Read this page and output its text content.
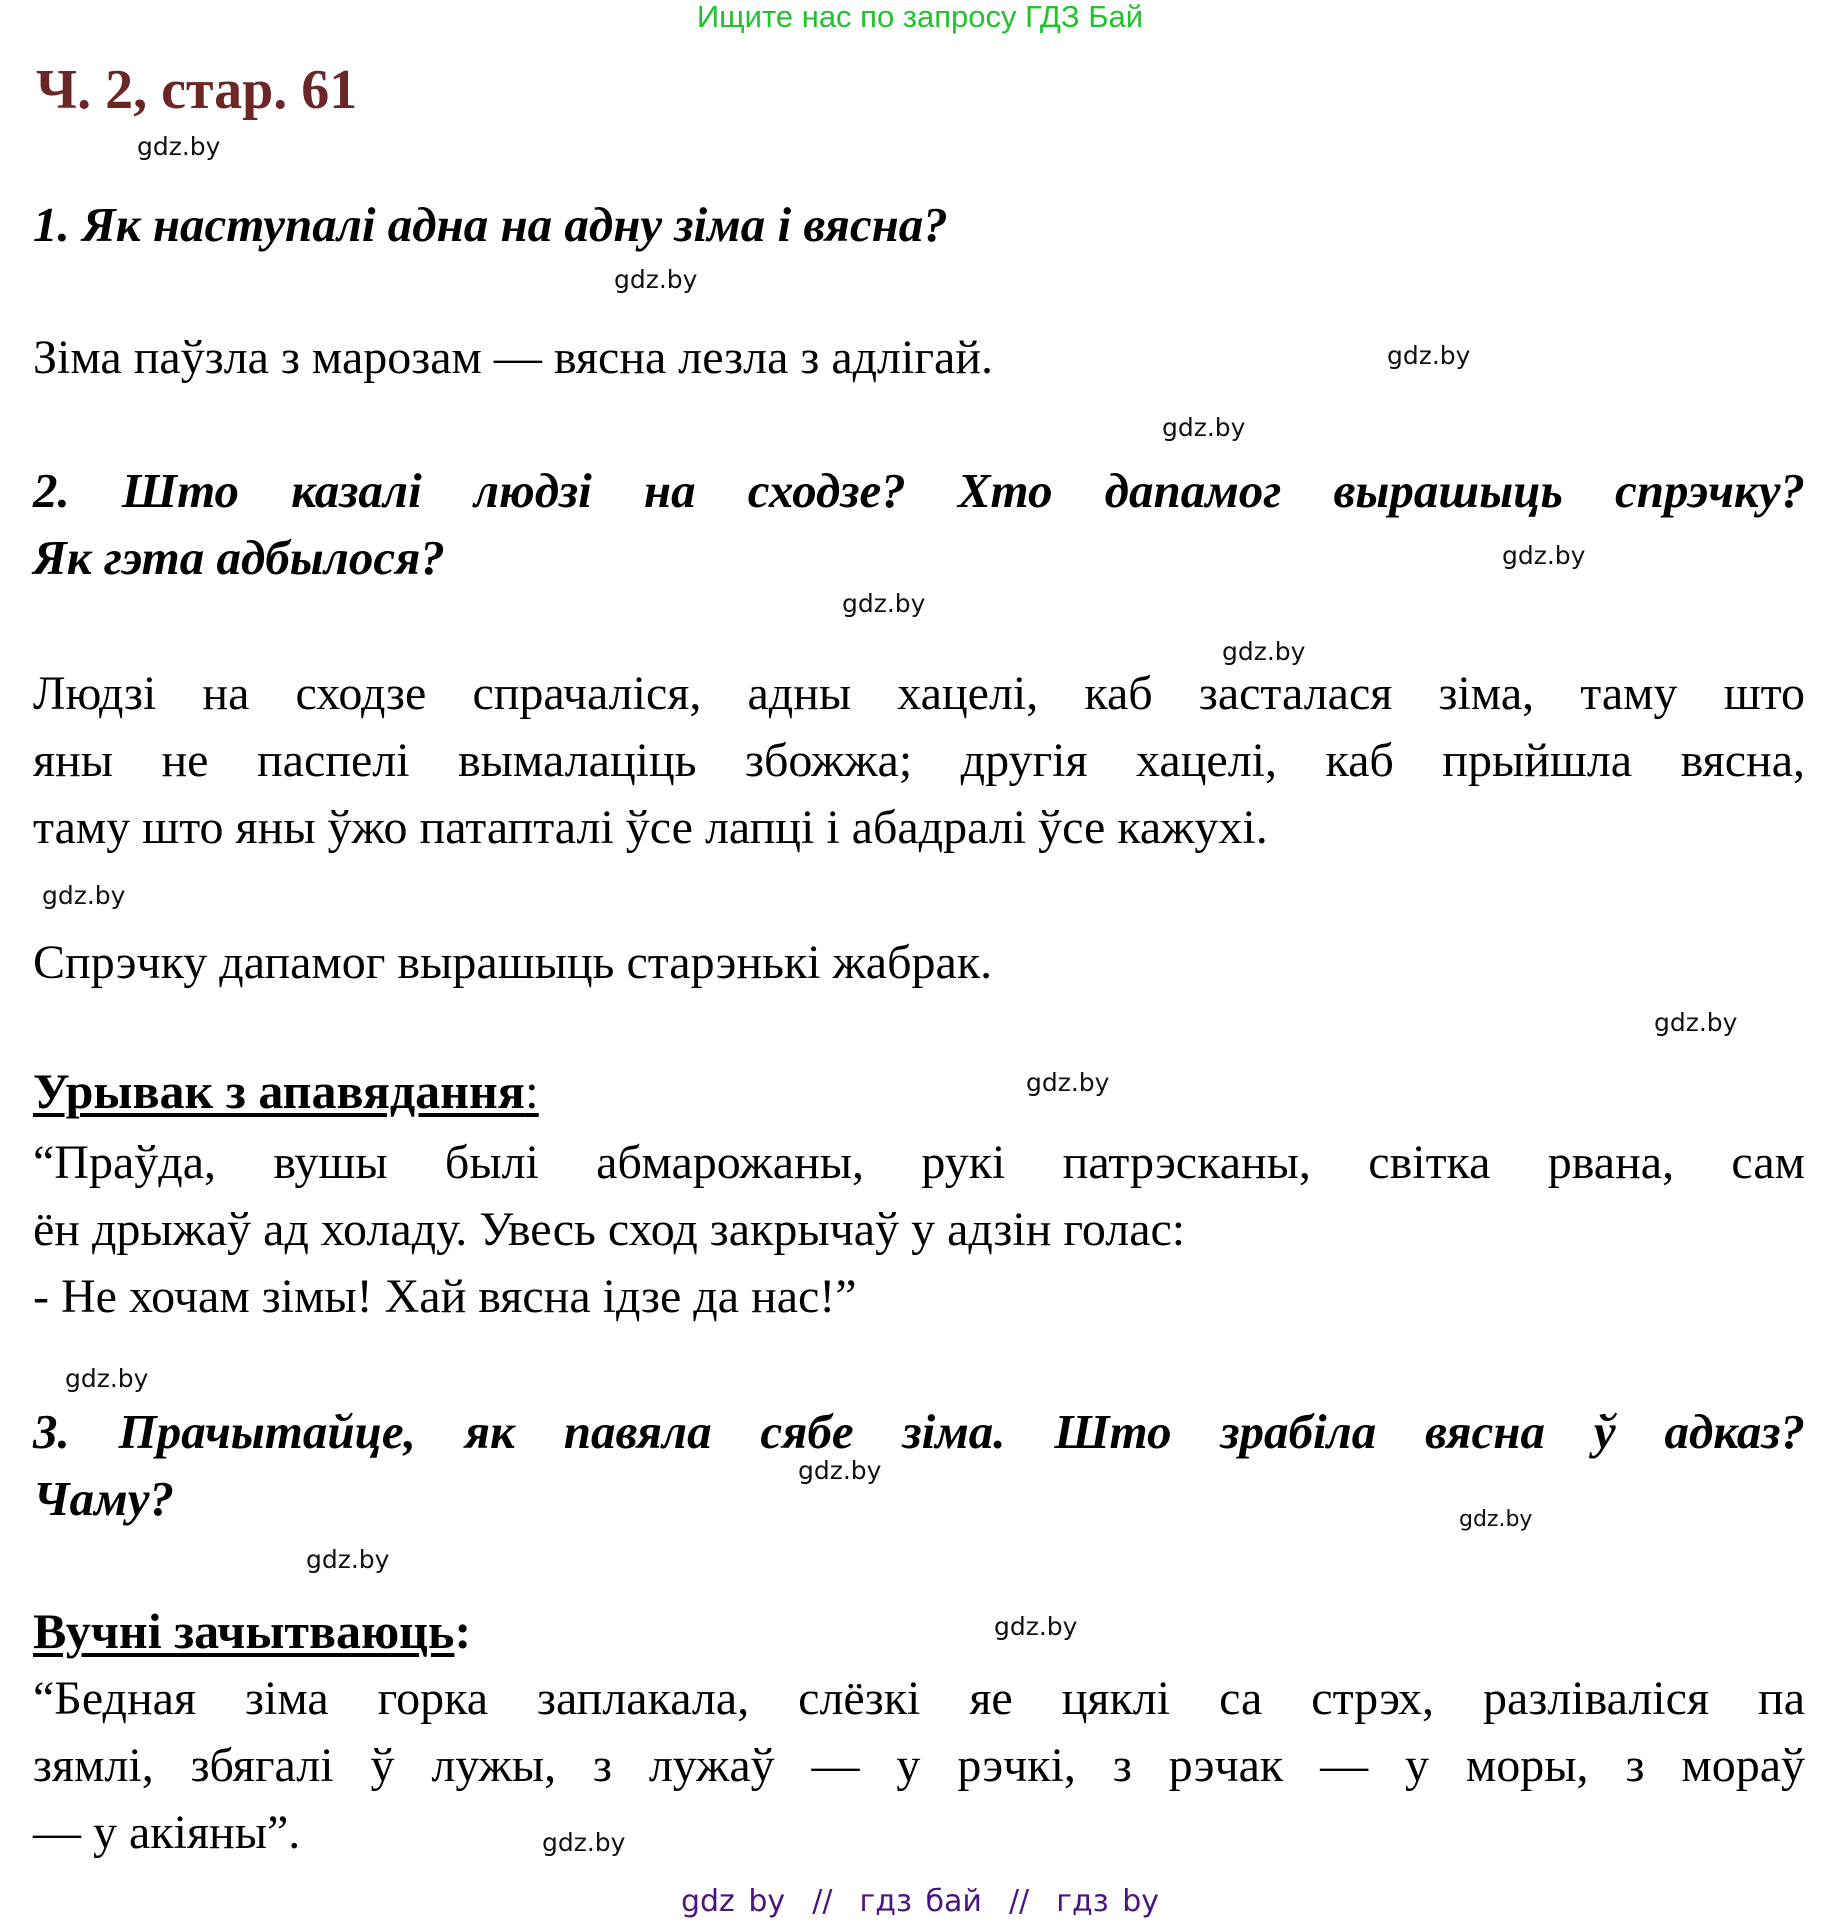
Ищите нас по запросу ГДЗ Бай
Ч. 2, стар. 61
gdz.by
gdz.by
gdz.by
gdz.by
gdz.by
gdz.by
gdz.by
gdz.by
gdz.by
gdz.by
gdz.by
gdz.by
gdz.by
gdz.by
gdz.by
gdz.by
1. Як наступалі адна на адну зіма і вясна?
Зіма паўзла з марозам — вясна лезла з адлігай.
2. Што казалі людзі на сходзе? Хто дапамог вырашыць спрэчку?
Як гэта адбылося?
Людзі на сходзе спрачаліся, адны хацелі, каб засталася зіма, таму што
яны не паспелі вымалаціць збожжа; другія хацелі, каб прыйшла вясна,
таму што яны ўжо патапталі ўсе лапці і абадралі ўсе кажухі.
Спрэчку дапамог вырашыць старэнькі жабрак.
Урывак з апавядання:
“Праўда, вушы былі абмарожаны, рукі патрэсканы, світка рвана, сам
ён дрыжаў ад холаду. Увесь сход закрычаў у адзін голас:
- Не хочам зімы! Хай вясна ідзе да нас!”
3. Прачытайце, як павяла сябе зіма. Што зрабіла вясна ў адказ?
Чаму?
Вучні зачытваюць:
“Бедная зіма горка заплакала, слёзкі яе цяклі са стрэх, разліваліся па
зямлі, збягалі ў лужы, з лужаў — у рэчкі, з рэчак — у моры, з мораў
— у акіяны”.
gdz by  //  гдз бай  //  гдз by
